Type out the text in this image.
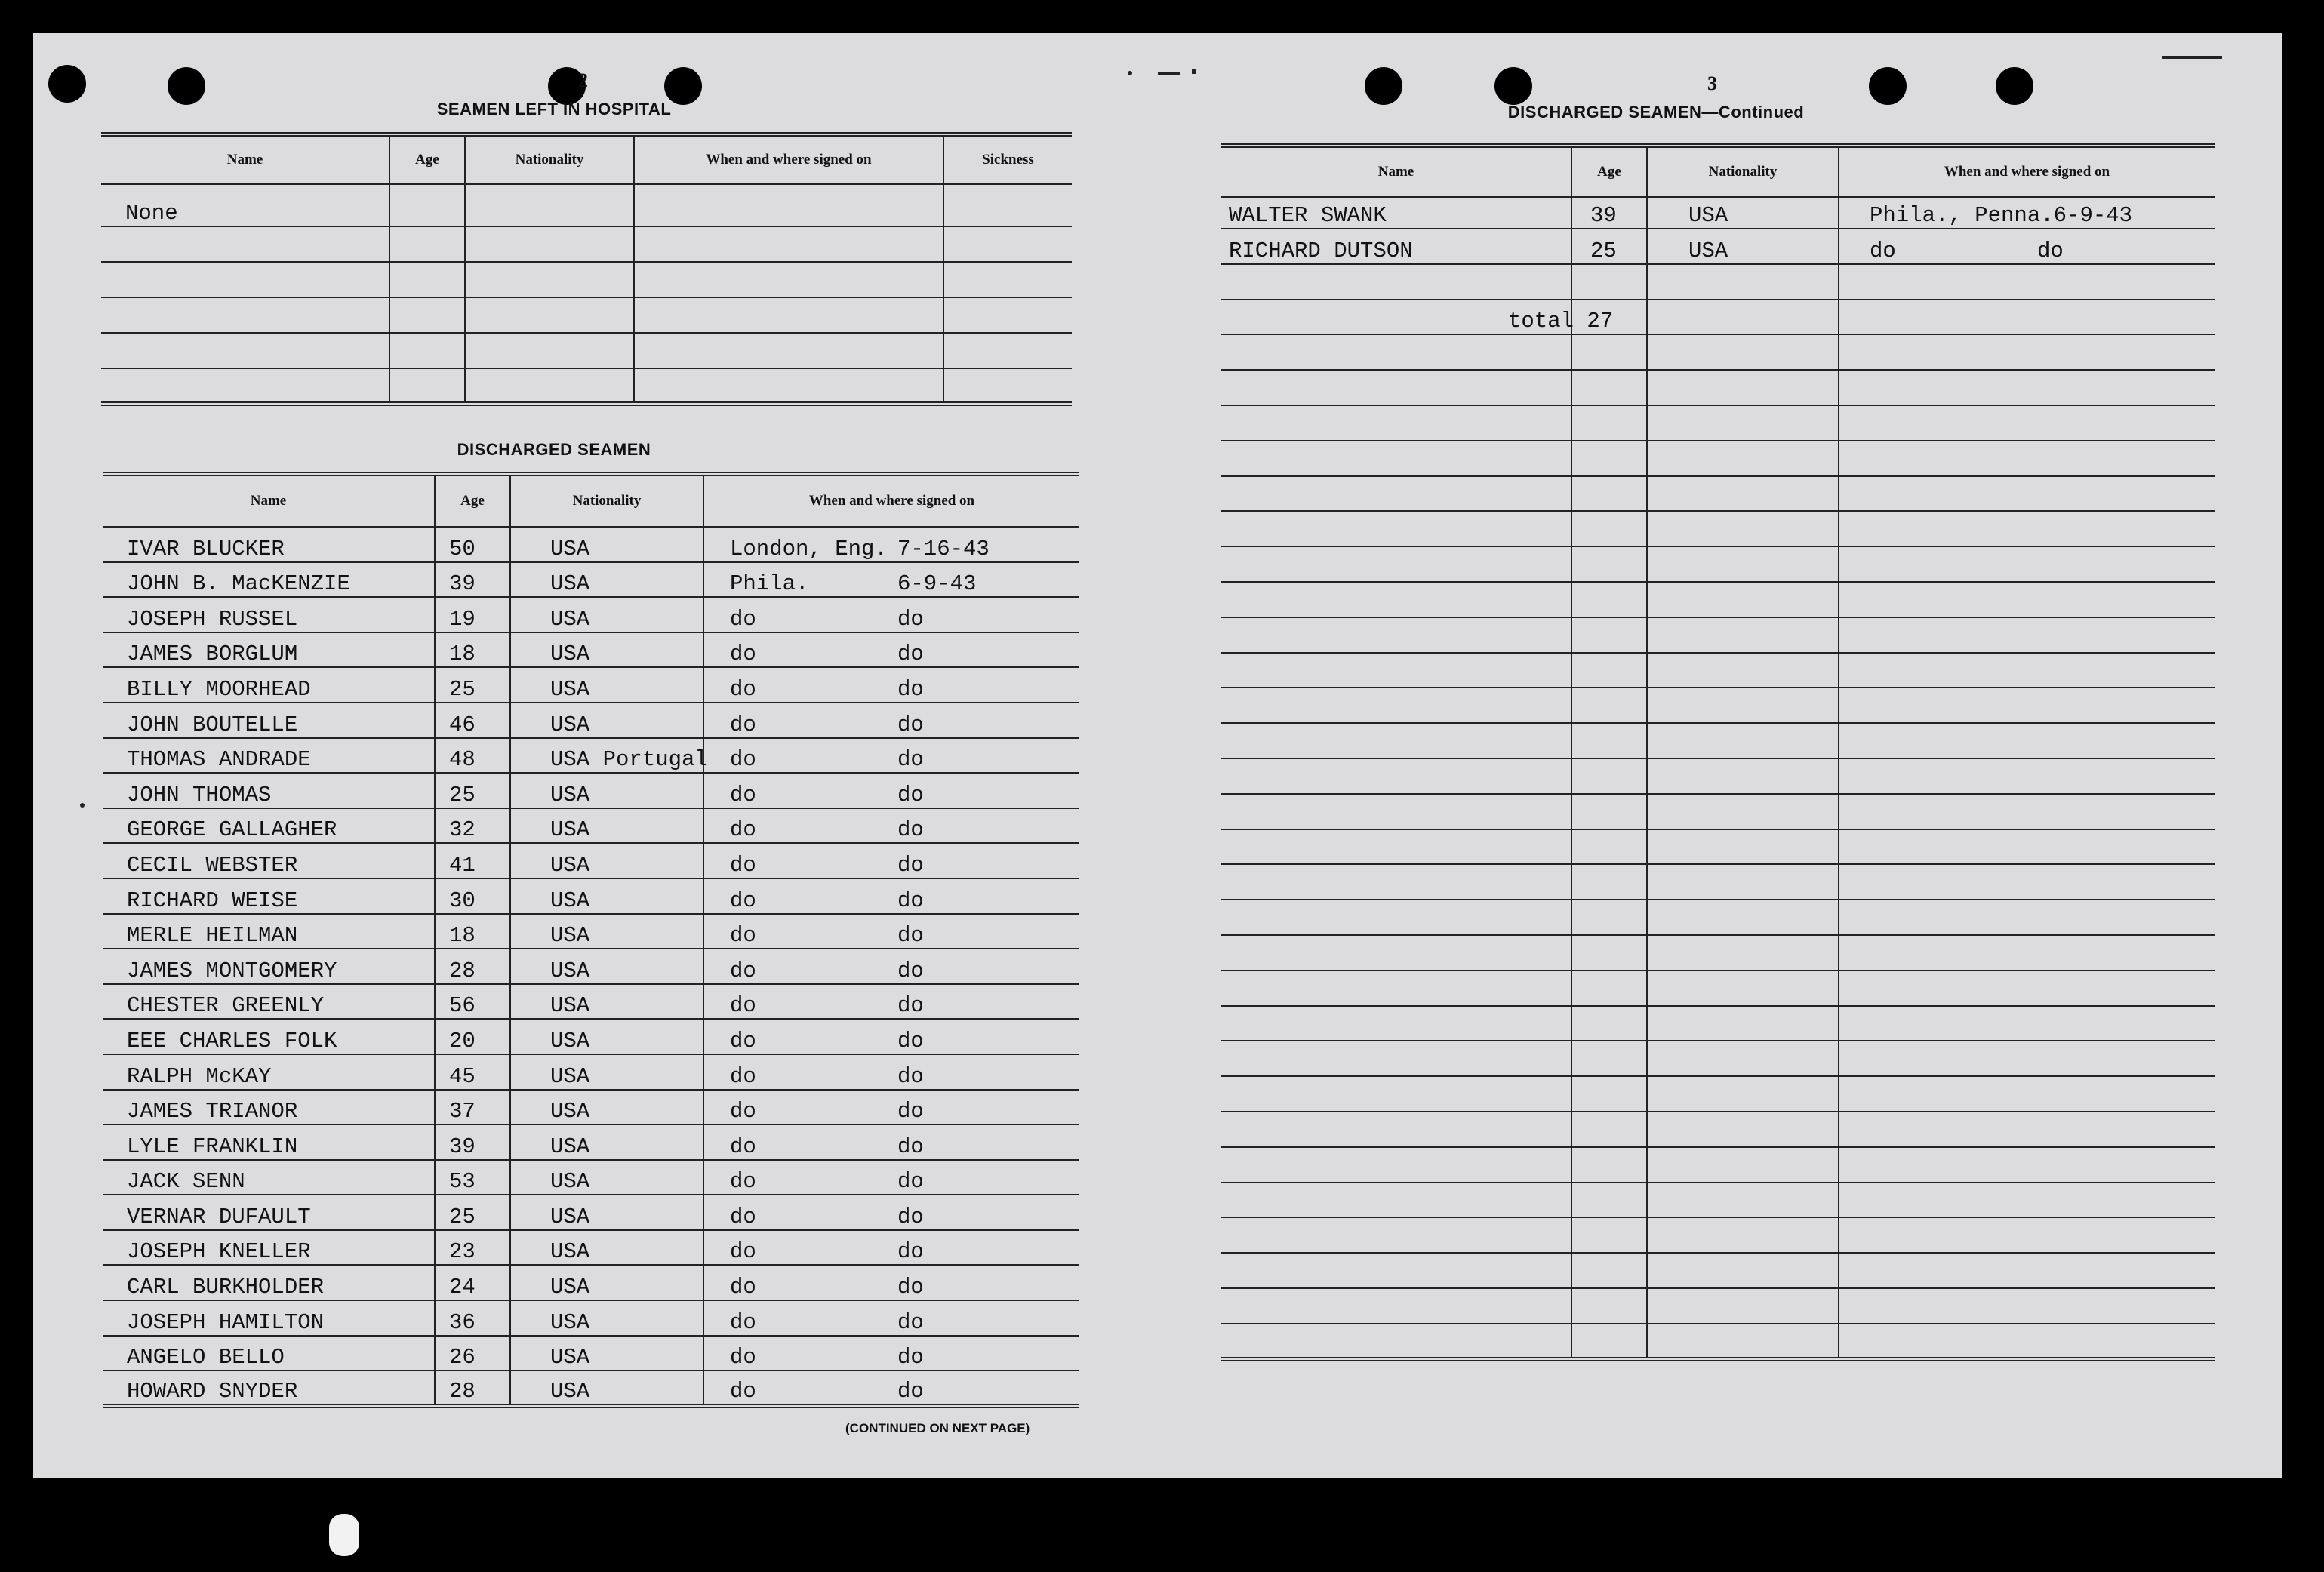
2
SEAMEN LEFT IN HOSPITAL
Name	Age	Nationality	When and where signed on	Sickness
None				

DISCHARGED SEAMEN
Name	Age	Nationality	When and where signed on
IVAR BLUCKER	50	USA	London, Eng. 7-16-43
JOHN B. MacKENZIE	39	USA	Phila. 6-9-43
JOSEPH RUSSEL	19	USA	do do
JAMES BORGLUM	18	USA	do do
BILLY MOORHEAD	25	USA	do do
JOHN BOUTELLE	46	USA	do do
THOMAS ANDRADE	48	USA Portugal	do do
JOHN THOMAS	25	USA	do do
GEORGE GALLAGHER	32	USA	do do
CECIL WEBSTER	41	USA	do do
RICHARD WEISE	30	USA	do do
MERLE HEILMAN	18	USA	do do
JAMES MONTGOMERY	28	USA	do do
CHESTER GREENLY	56	USA	do do
EEE CHARLES FOLK	20	USA	do do
RALPH McKAY	45	USA	do do
JAMES TRIANOR	37	USA	do do
LYLE FRANKLIN	39	USA	do do
JACK SENN	53	USA	do do
VERNAR DUFAULT	25	USA	do do
JOSEPH KNELLER	23	USA	do do
CARL BURKHOLDER	24	USA	do do
JOSEPH HAMILTON	36	USA	do do
ANGELO BELLO	26	USA	do do
HOWARD SNYDER	28	USA	do do
(CONTINUED ON NEXT PAGE)
3
DISCHARGED SEAMEN—Continued
Name	Age	Nationality	When and where signed on
WALTER SWANK	39	USA	Phila., Penna.6-9-43
RICHARD DUTSON	25	USA	do do

total 27			
